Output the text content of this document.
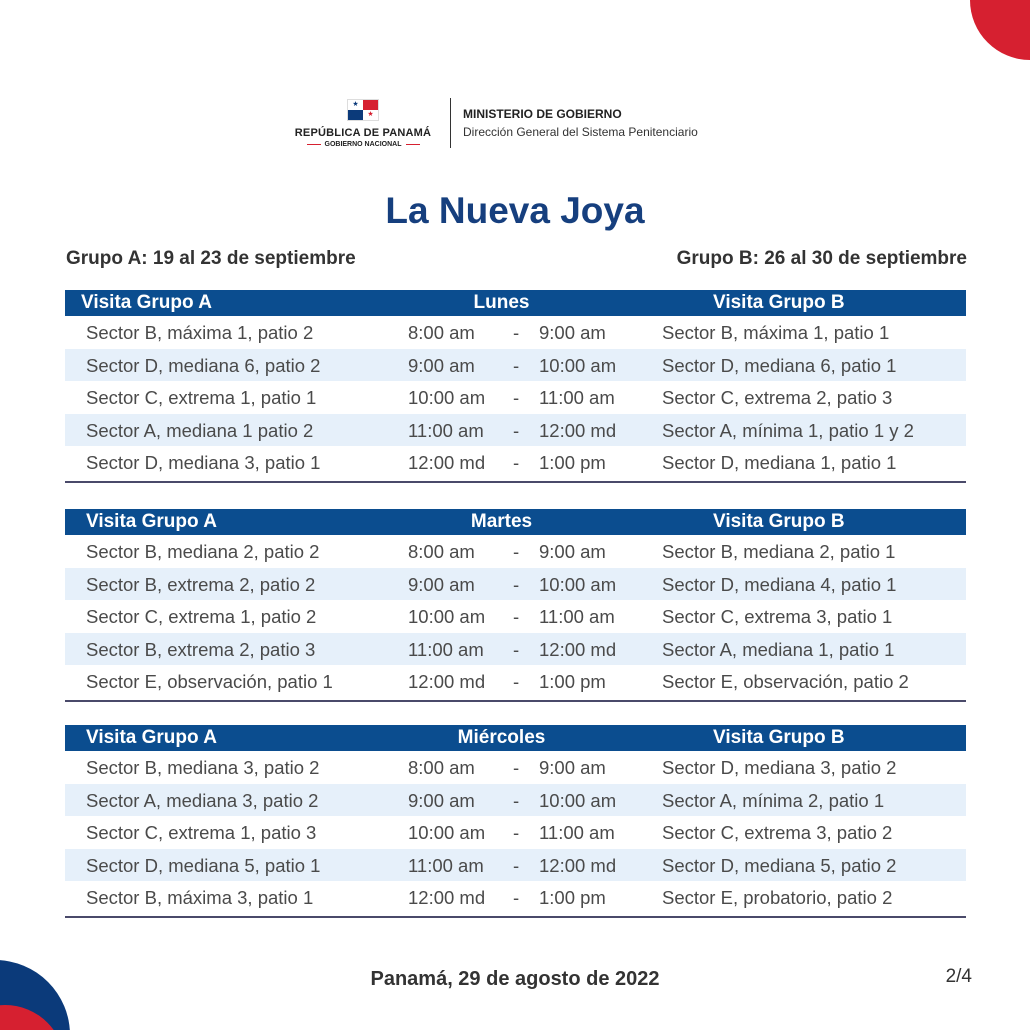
★
★
REPÚBLICA DE PANAMÁ
GOBIERNO NACIONAL
MINISTERIO DE GOBIERNO
Dirección General del Sistema Penitenciario
La Nueva Joya
Grupo A: 19 al 23 de septiembre	Grupo B: 26 al 30 de septiembre
Visita Grupo A	Lunes	Visita Grupo B
Sector B, máxima 1, patio 2	8:00 am - 9:00 am	Sector B, máxima 1, patio 1
Sector D, mediana 6, patio 2	9:00 am - 10:00 am Sector D, mediana 6, patio 1
Sector C, extrema 1, patio 1	10:00 am - 11:00 am	Sector C, extrema 2, patio 3
Sector A, mediana 1 patio 2	11:00 am - 12:00 md Sector A, mínima 1, patio 1 y 2
Sector D, mediana 3, patio 1	12:00 md - 1:00 pm	Sector D, mediana 1, patio 1
Visita Grupo A	Martes	Visita Grupo B
Sector B, mediana 2, patio 2	8:00 am - 9:00 am	Sector B, mediana 2, patio 1
Sector B, extrema 2, patio 2	9:00 am - 10:00 am Sector D, mediana 4, patio 1
Sector C, extrema 1, patio 2	10:00 am - 11:00 am	Sector C, extrema 3, patio 1
Sector B, extrema 2, patio 3	11:00 am - 12:00 md Sector A, mediana 1, patio 1
Sector E, observación, patio 1	12:00 md - 1:00 pm	Sector E, observación, patio 2
Visita Grupo A	Miércoles	Visita Grupo B
Sector B, mediana 3, patio 2	8:00 am - 9:00 am	Sector D, mediana 3, patio 2
Sector A, mediana 3, patio 2	9:00 am - 10:00 am Sector A, mínima 2, patio 1
Sector C, extrema 1, patio 3	10:00 am - 11:00 am	Sector C, extrema 3, patio 2
Sector D, mediana 5, patio 1	11:00 am - 12:00 md Sector D, mediana 5, patio 2
Sector B, máxima 3, patio 1	12:00 md - 1:00 pm	Sector E, probatorio, patio 2
Panamá, 29 de agosto de 2022	2/4
